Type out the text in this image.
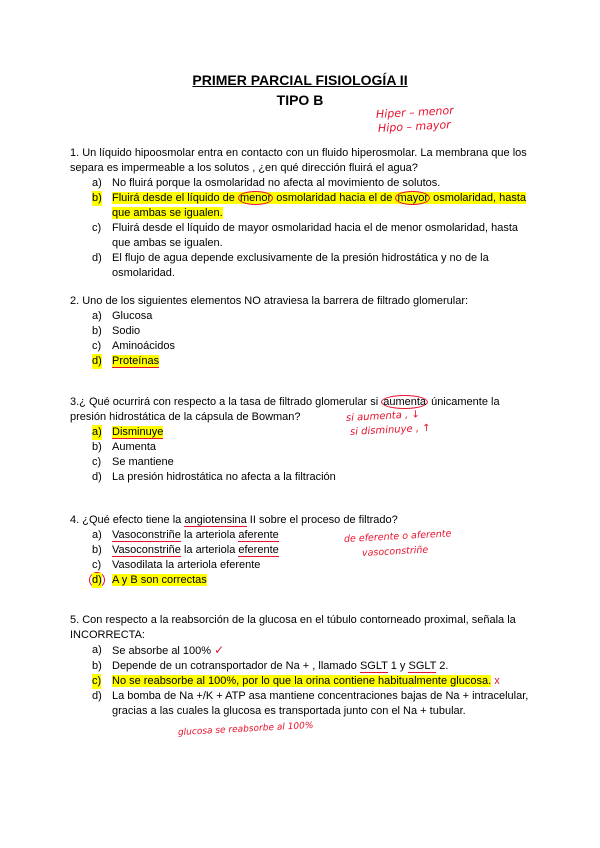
PRIMER PARCIAL FISIOLOGÍA II
TIPO B
Hiper – menor
Hipo – mayor

1. Un líquido hipoosmolar entra en contacto con un fluido hiperosmolar. La membrana que los separa es impermeable a los solutos , ¿en qué dirección fluirá el agua?

a) No fluirá porque la osmolaridad no afecta al movimiento de solutos.
b) Fluirá desde el líquido de menor osmolaridad hacia el de mayor osmolaridad, hasta que ambas se igualen.
c) Fluirá desde el líquido de mayor osmolaridad hacia el de menor osmolaridad, hasta que ambas se igualen.
d) El flujo de agua depende exclusivamente de la presión hidrostática y no de la osmolaridad.

2. Uno de los siguientes elementos NO atraviesa la barrera de filtrado glomerular:

a) Glucosa
b) Sodio
c) Aminoácidos
d) Proteínas

3.¿ Qué ocurrirá con respecto a la tasa de filtrado glomerular si aumenta únicamente la presión hidrostática de la cápsula de Bowman?

a) Disminuye
b) Aumenta
c) Se mantiene
d) La presión hidrostática no afecta a la filtración
si aumenta , ↓
si disminuye , ↑

4. ¿Qué efecto tiene la angiotensina II sobre el proceso de filtrado?

a) Vasoconstriñe la arteriola aferente
b) Vasoconstriñe la arteriola eferente
c) Vasodilata la arteriola eferente
d) A y B son correctas
de eferente o aferente
vasoconstriñe

5. Con respecto a la reabsorción de la glucosa en el túbulo contorneado proximal, señala la INCORRECTA:

a) Se absorbe al 100% ✓
b) Depende de un cotransportador de Na + , llamado SGLT 1 y SGLT 2.
c) No se reabsorbe al 100%, por lo que la orina contiene habitualmente glucosa. x
d) La bomba de Na +/K + ATP asa mantiene concentraciones bajas de Na + intracelular, gracias a las cuales la glucosa es transportada junto con el Na + tubular.
glucosa se reabsorbe al 100%
